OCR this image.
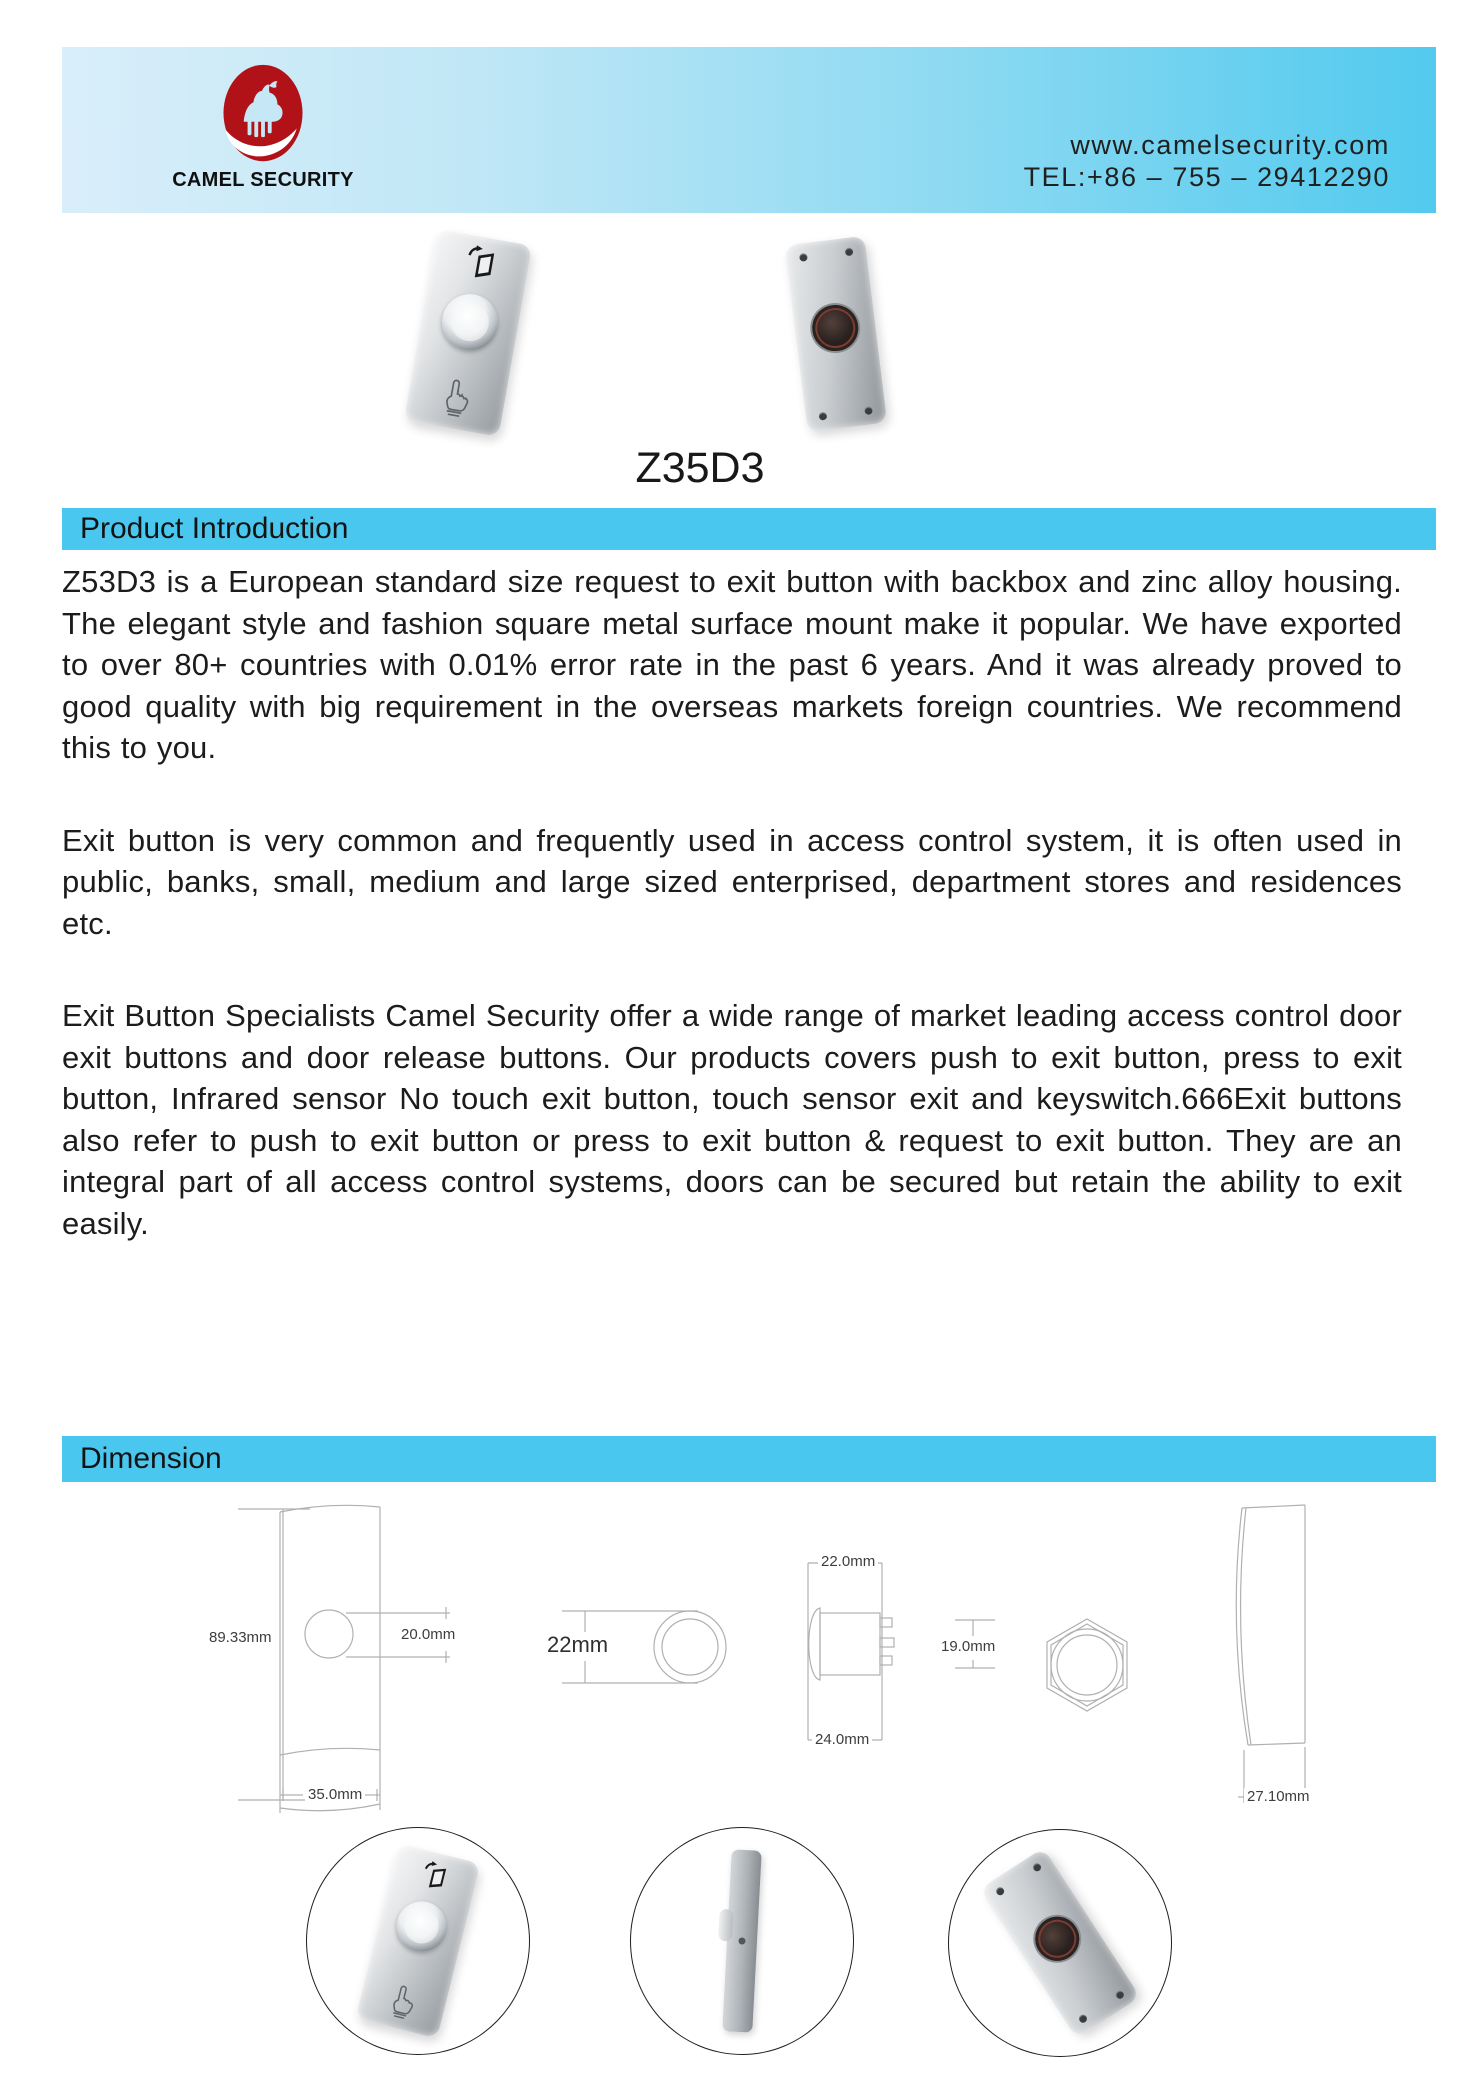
CAMEL SECURITY
www.camelsecurity.com
TEL:+86 – 755 – 29412290
Z35D3
Product Introduction

Z53D3 is a European standard size request to exit button with backbox and zinc alloy housing. The elegant style and fashion square metal surface mount make it popular. We have exported to over 80+ countries with 0.01% error rate in the past 6 years. And it was already proved to good quality with big requirement in the overseas markets foreign countries. We recommend this to you.

Exit button is very common and frequently used in access control system, it is often used in public, banks, small, medium and large sized enterprised, department stores and residences etc.

Exit Button Specialists Camel Security offer a wide range of market leading access control door exit buttons and door release buttons. Our products covers push to exit button, press to exit button, Infrared sensor No touch exit button, touch sensor exit and keyswitch.666Exit buttons also refer to push to exit button or press to exit button & request to exit button. They are an integral part of all access control systems, doors can be secured but retain the ability to exit easily.

Dimension
89.33mm	20.0mm
35.0mm
22mm
22.0mm
24.0mm
19.0mm
27.10mm
